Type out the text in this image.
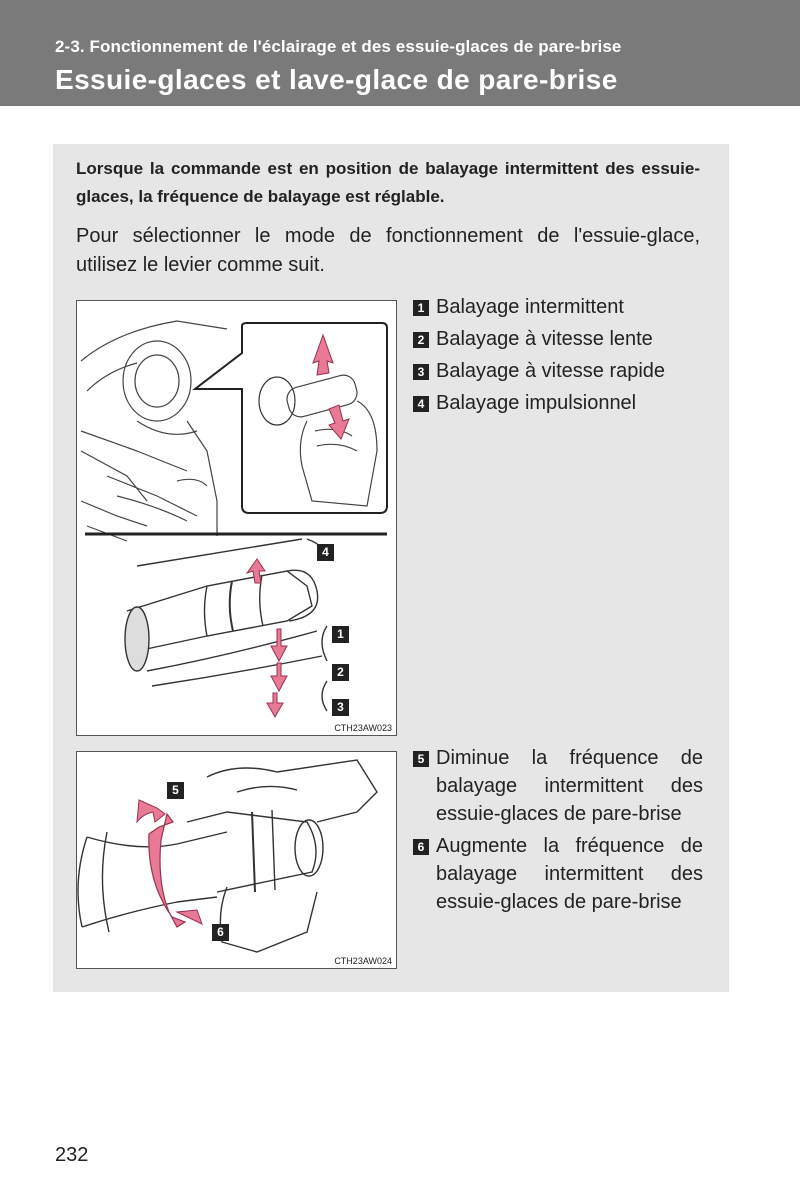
2-3. Fonctionnement de l'éclairage et des essuie-glaces de pare-brise
Essuie-glaces et lave-glace de pare-brise
Lorsque la commande est en position de balayage intermittent des essuie-glaces, la fréquence de balayage est réglable.
Pour sélectionner le mode de fonctionnement de l'essuie-glace, utilisez le levier comme suit.
4
1
2
3
CTH23AW023
1 Balayage intermittent
2 Balayage à vitesse lente
3 Balayage à vitesse rapide
4 Balayage impulsionnel
5
6
CTH23AW024
5 Diminue la fréquence de balayage intermittent des essuie-glaces de pare-brise
6 Augmente la fréquence de balayage intermittent des essuie-glaces de pare-brise
232
